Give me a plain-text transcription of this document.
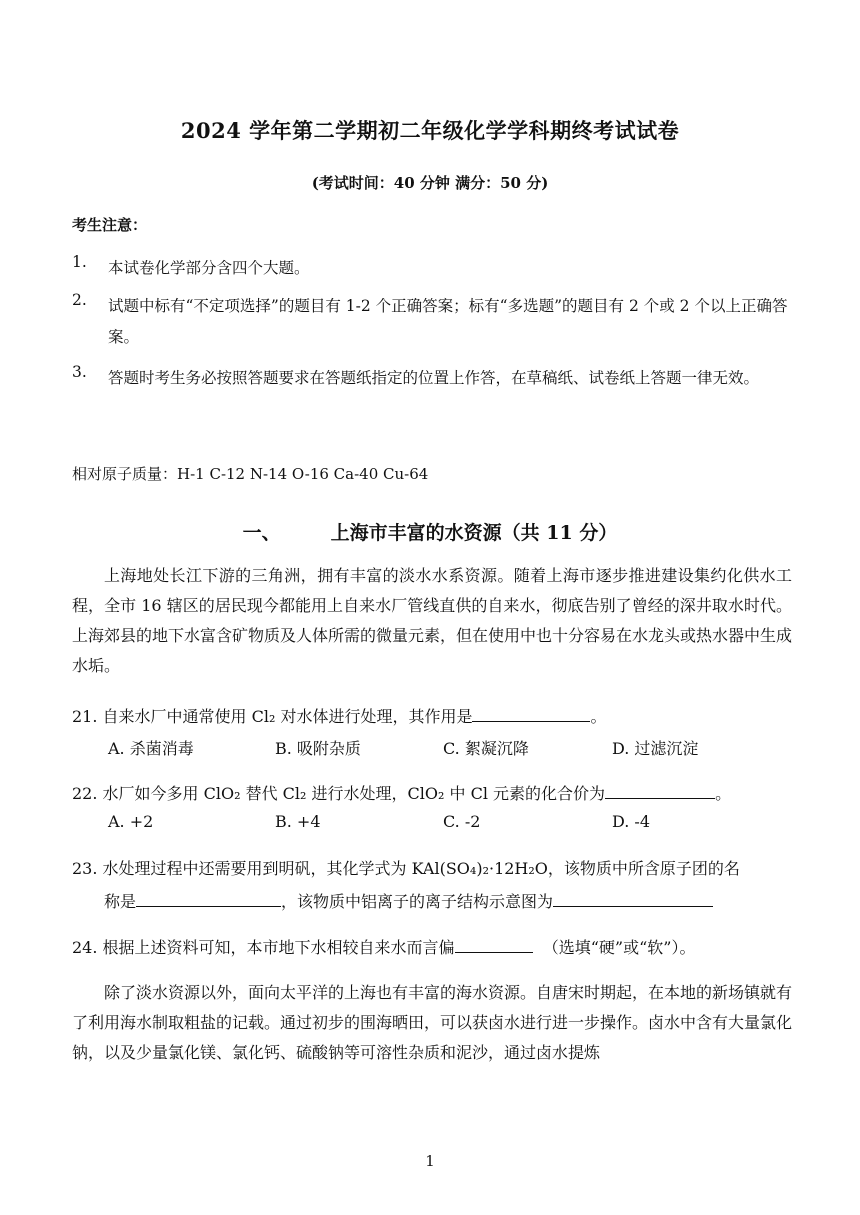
2024 学年第二学期初二年级化学学科期终考试试卷
(考试时间：40 分钟 满分：50 分)
考生注意：
1. 本试卷化学部分含四个大题。
2. 试题中标有“不定项选择”的题目有 1-2 个正确答案；标有“多选题”的题目有 2 个或 2 个以上正确答案。
3. 答题时考生务必按照答题要求在答题纸指定的位置上作答，在草稿纸、试卷纸上答题一律无效。
相对原子质量：H-1 C-12 N-14 O-16 Ca-40 Cu-64
一、	上海市丰富的水资源（共 11 分）
上海地处长江下游的三角洲，拥有丰富的淡水水系资源。随着上海市逐步推进建设集约化供水工程，全市 16 辖区的居民现今都能用上自来水厂管线直供的自来水，彻底告别了曾经的深井取水时代。上海郊县的地下水富含矿物质及人体所需的微量元素，但在使用中也十分容易在水龙头或热水器中生成水垢。
21. 自来水厂中通常使用 Cl₂ 对水体进行处理，其作用是	。
A. 杀菌消毒	B. 吸附杂质	C. 絮凝沉降	D. 过滤沉淀
22. 水厂如今多用 ClO₂ 替代 Cl₂ 进行水处理，ClO₂ 中 Cl 元素的化合价为	。
A. +2	B. +4	C. -2	D. -4
23. 水处理过程中还需要用到明矾，其化学式为 KAl(SO₄)₂·12H₂O，该物质中所含原子团的名
称是	，该物质中铝离子的离子结构示意图为
24. 根据上述资料可知，本市地下水相较自来水而言偏	（选填“硬”或“软”）。
除了淡水资源以外，面向太平洋的上海也有丰富的海水资源。自唐宋时期起，在本地的新场镇就有了利用海水制取粗盐的记载。通过初步的围海晒田，可以获卤水进行进一步操作。卤水中含有大量氯化钠，以及少量氯化镁、氯化钙、硫酸钠等可溶性杂质和泥沙，通过卤水提炼
1
